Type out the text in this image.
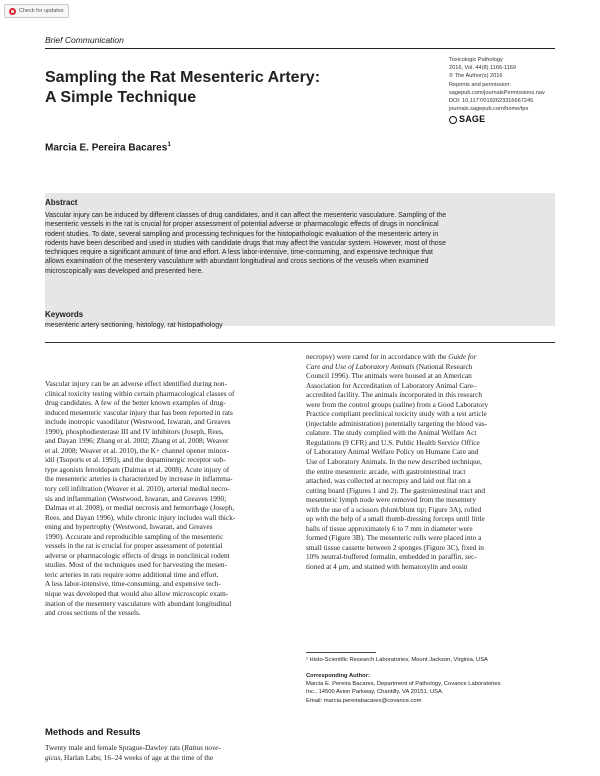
Check for updates
Brief Communication
Sampling the Rat Mesenteric Artery:
A Simple Technique
Marcia E. Pereira Bacares$^1$
Toxicologic Pathology
2016, Vol. 44(8) 1166-1169
© The Author(s) 2016
Reprints and permission:
sagepub.com/journalsPermissions.nav
DOI: 10.1177/0192623316667245
journals.sagepub.com/home/tpx
SAGE
Abstract
Vascular injury can be induced by different classes of drug candidates, and it can affect the mesenteric vasculature. Sampling of the
mesenteric vessels in the rat is crucial for proper assessment of potential adverse or pharmacologic effects of drugs in nonclinical
rodent studies. To date, several sampling and processing techniques for the histopathologic evaluation of the mesenteric artery in
rodents have been described and used in studies with candidate drugs that may affect the vascular system. However, most of those
techniques require a significant amount of time and effort. A less labor-intensive, time-consuming, and expensive technique that
allows examination of the mesentery vasculature with abundant longitudinal and cross sections of the vessels when examined
microscopically was developed and presented here.
Keywords
mesenteric artery sectioning, histology, rat histopathology
Vascular injury can be an adverse effect identified during non-
clinical toxicity testing within certain pharmacological classes of
drug candidates. A few of the better known examples of drug-
induced mesenteric vascular injury that has been reported in rats
include inotropic vasodilator (Westwood, Iswaran, and Greaves
1990), phosphodiesterase III and IV inhibitors (Joseph, Rees,
and Dayan 1996; Zhang et al. 2002; Zhang et al. 2008; Weaver
et al. 2008; Weaver et al. 2010), the K+ channel opener minox-
idil (Tsoporis et al. 1993), and the dopaminergic receptor sub-
type agonists fenoldopam (Dalmas et al. 2008). Acute injury of
the mesenteric arteries is characterized by increase in inflamma-
tory cell infiltration (Weaver et al. 2010), arterial medial necro-
sis and inflammation (Westwood, Iswaran, and Greaves 1990;
Dalmas et al. 2008), or medial necrosis and hemorrhage (Joseph,
Rees, and Dayan 1996), while chronic injury includes wall thick-
ening and hypertrophy (Westwood, Iswaran, and Greaves
1990). Accurate and reproducible sampling of the mesenteric
vessels in the rat is crucial for proper assessment of potential
adverse or pharmacologic effects of drugs in nonclinical rodent
studies. Most of the techniques used for harvesting the mesen-
teric arteries in rats require some additional time and effort.
A less labor-intensive, time-consuming, and expensive tech-
nique was developed that would also allow microscopic exam-
ination of the mesentery vasculature with abundant longitudinal
and cross sections of the vessels.
Methods and Results
Twenty male and female Sprague-Dawley rats (Rattus nove-
gicus, Harlan Labs; 16–24 weeks of age at the time of the
necropsy) were cared for in accordance with the Guide for
Care and Use of Laboratory Animals (National Research
Council 1996). The animals were housed at an American
Association for Accreditation of Laboratory Animal Care–
accredited facility. The animals incorporated in this research
were from the control groups (saline) from a Good Laboratory
Practice compliant preclinical toxicity study with a test article
(injectable administration) potentially targeting the blood vas-
culature. The study complied with the Animal Welfare Act
Regulations (9 CFR) and U.S. Public Health Service Office
of Laboratory Animal Welfare Policy on Humane Care and
Use of Laboratory Animals. In the new described technique,
the entire mesenteric arcade, with gastrointestinal tract
attached, was collected at necropsy and laid out flat on a
cutting board (Figures 1 and 2). The gastrointestinal tract and
mesenteric lymph node were removed from the mesentery
with the use of a scissors (blunt/blunt tip; Figure 3A), rolled
up with the help of a small thumb-dressing forceps until little
balls of tissue approximately 6 to 7 mm in diameter were
formed (Figure 3B). The mesenteric rolls were placed into a
small tissue cassette between 2 sponges (Figure 3C), fixed in
10% neutral-buffered formalin, embedded in paraffin, sec-
tioned at 4 μm, and stained with hematoxylin and eosin
¹ Histo-Scientific Research Laboratories, Mount Jackson, Virginia, USA
Corresponding Author:
Marcia E. Pereira Bacares, Department of Pathology, Covance Laboratories
Inc., 14500 Avion Parkway, Chantilly, VA 20151, USA.
Email: marcia.pereirabacares@covance.com
